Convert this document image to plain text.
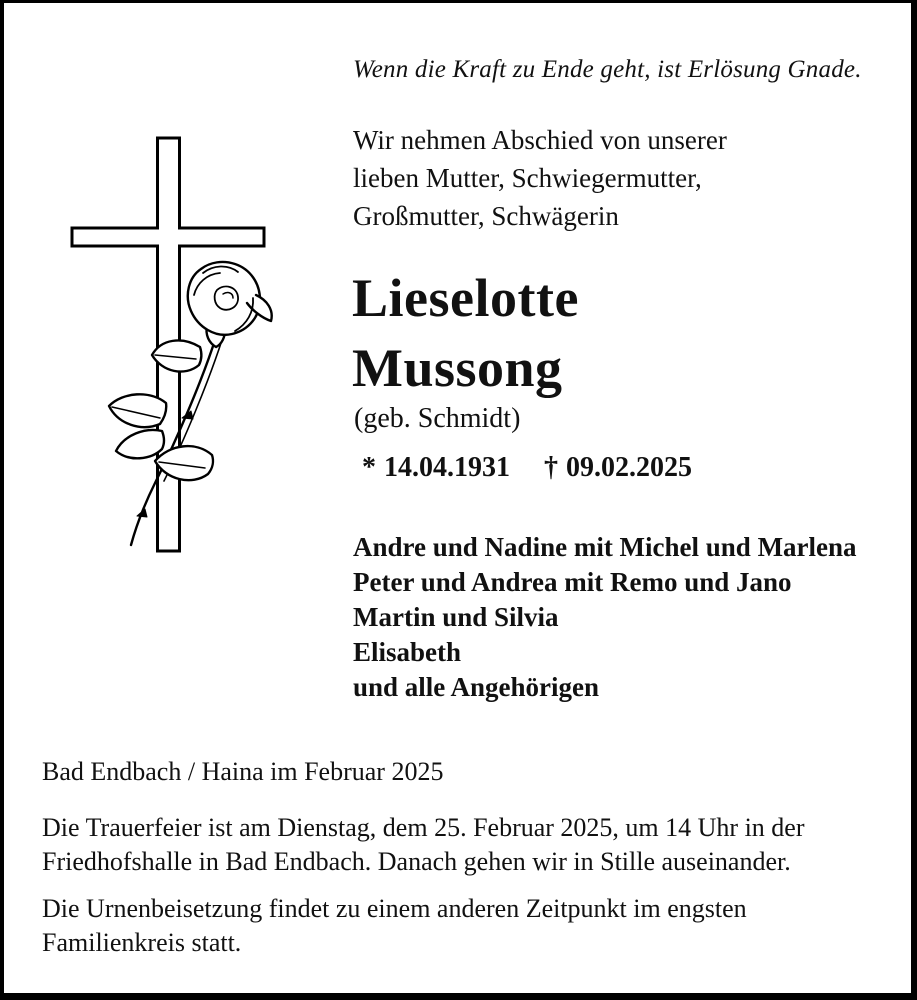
Wenn die Kraft zu Ende geht, ist Erlösung Gnade.
Wir nehmen Abschied von unserer
lieben Mutter, Schwiegermutter,
Großmutter, Schwägerin
Lieselotte
Mussong
(geb. Schmidt)
* 14.04.1931 † 09.02.2025
Andre und Nadine mit Michel und Marlena
Peter und Andrea mit Remo und Jano
Martin und Silvia
Elisabeth
und alle Angehörigen
Bad Endbach / Haina im Februar 2025
Die Trauerfeier ist am Dienstag, dem 25. Februar 2025, um 14 Uhr in der
Friedhofshalle in Bad Endbach. Danach gehen wir in Stille auseinander.
Die Urnenbeisetzung findet zu einem anderen Zeitpunkt im engsten
Familienkreis statt.
